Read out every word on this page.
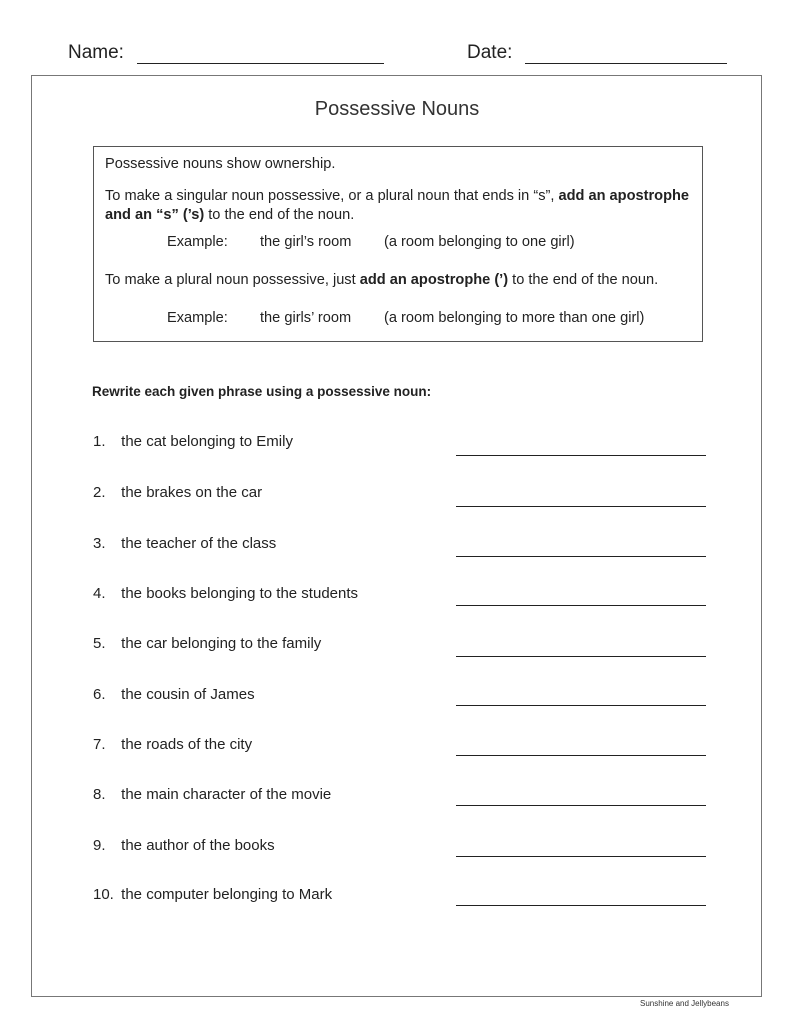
Name:	Date:
Possessive Nouns
Possessive nouns show ownership.
To make a singular noun possessive, or a plural noun that ends in “s”, add an apostrophe and an “s” (’s) to the end of the noun.
Example: the girl’s room (a room belonging to one girl)
To make a plural noun possessive, just add an apostrophe (’) to the end of the noun.
Example: the girls’ room (a room belonging to more than one girl)
Rewrite each given phrase using a possessive noun:
1. the cat belonging to Emily
2. the brakes on the car
3. the teacher of the class
4. the books belonging to the students
5. the car belonging to the family
6. the cousin of James
7. the roads of the city
8. the main character of the movie
9. the author of the books
10. the computer belonging to Mark
Sunshine and Jellybeans
